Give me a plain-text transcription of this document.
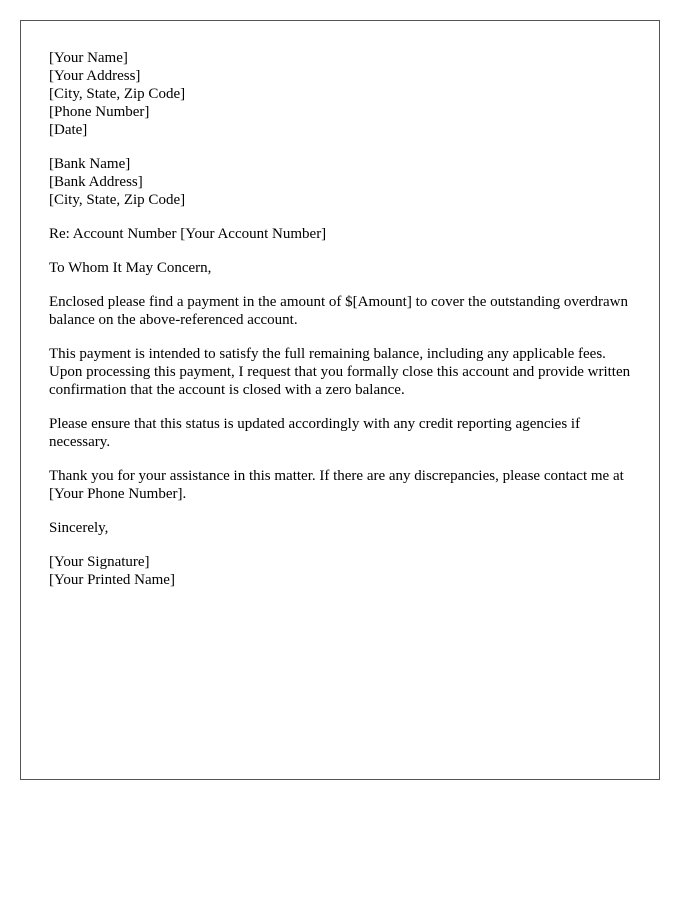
[Your Name]
[Your Address]
[City, State, Zip Code]
[Phone Number]
[Date]
[Bank Name]
[Bank Address]
[City, State, Zip Code]

Re: Account Number [Your Account Number]

To Whom It May Concern,

Enclosed please find a payment in the amount of $[Amount] to cover the outstanding overdrawn balance on the above-referenced account.

This payment is intended to satisfy the full remaining balance, including any applicable fees. Upon processing this payment, I request that you formally close this account and provide written confirmation that the account is closed with a zero balance.

Please ensure that this status is updated accordingly with any credit reporting agencies if necessary.

Thank you for your assistance in this matter. If there are any discrepancies, please contact me at [Your Phone Number].

Sincerely,

[Your Signature]
[Your Printed Name]
